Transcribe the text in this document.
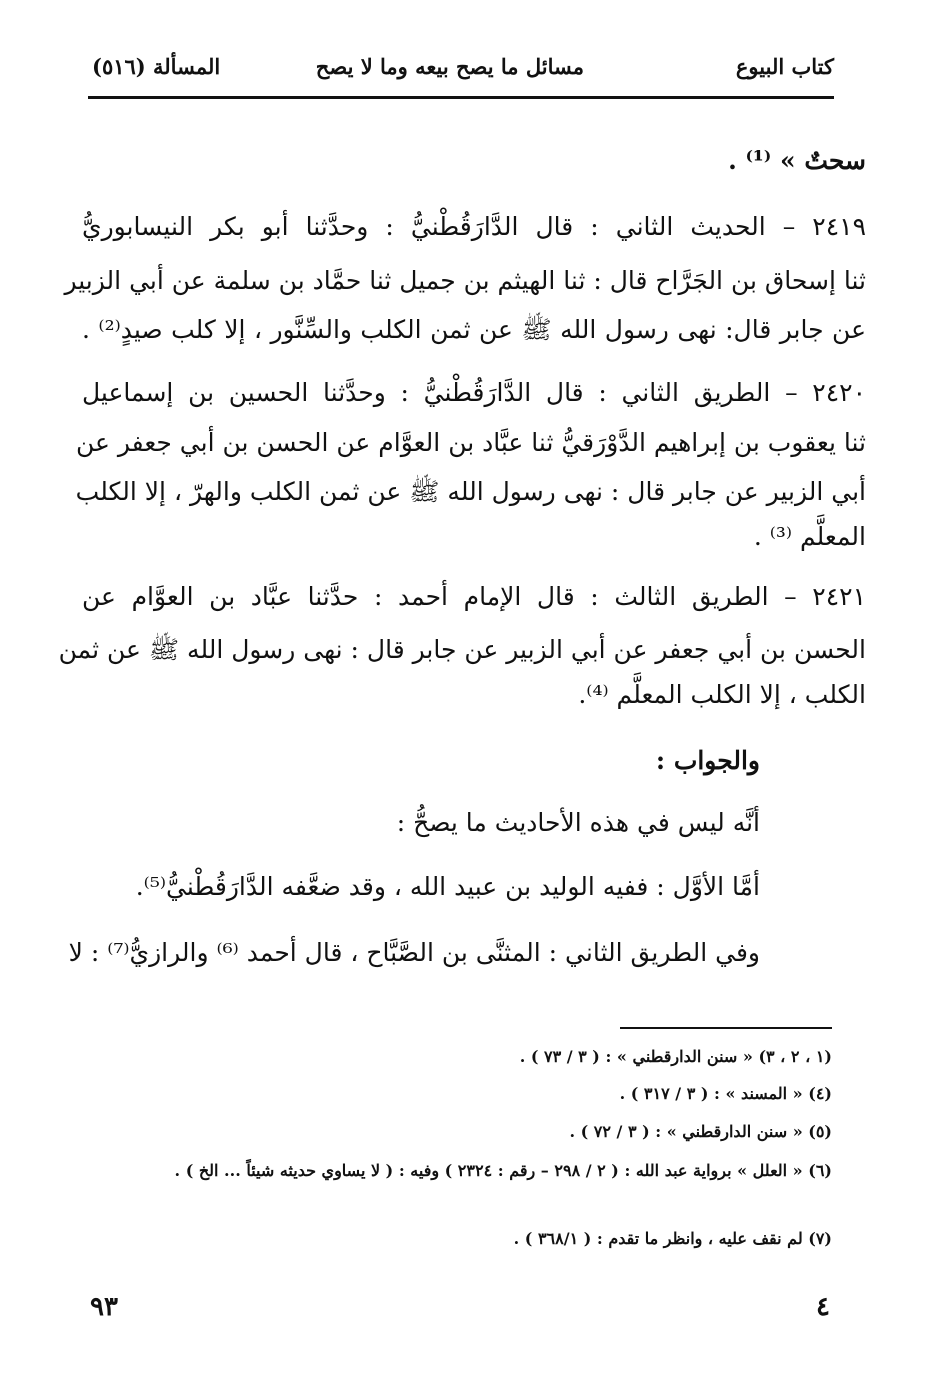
كتاب البيوع
مسائل ما يصح بيعه وما لا يصح
المسألة (٥١٦)
سحتٌ » ⁽¹⁾ .
٢٤١٩ – الحديث الثاني : قال الدَّارَقُطْنيُّ : وحدَّثنا أبو بكر النيسابوريُّ
ثنا إسحاق بن الجَرَّاح قال : ثنا الهيثم بن جميل ثنا حمَّاد بن سلمة عن أبي الزبير
عن جابر قال: نهى رسول الله ﷺ عن ثمن الكلب والسِّنَّور ، إلا كلب صيدٍ⁽²⁾ .
٢٤٢٠ – الطريق الثاني : قال الدَّارَقُطْنيُّ : وحدَّثنا الحسين بن إسماعيل
ثنا يعقوب بن إبراهيم الدَّوْرَقيُّ ثنا عبَّاد بن العوَّام عن الحسن بن أبي جعفر عن
أبي الزبير عن جابر قال : نهى رسول الله ﷺ عن ثمن الكلب والهرّ ، إلا الكلب
المعلَّم ⁽³⁾ .
٢٤٢١ – الطريق الثالث : قال الإمام أحمد : حدَّثنا عبَّاد بن العوَّام عن
الحسن بن أبي جعفر عن أبي الزبير عن جابر قال : نهى رسول الله ﷺ عن ثمن
الكلب ، إلا الكلب المعلَّم ⁽⁴⁾.
والجواب :
أنَّه ليس في هذه الأحاديث ما يصحُّ :
أمَّا الأوَّل : ففيه الوليد بن عبيد الله ، وقد ضعَّفه الدَّارَقُطْنيُّ⁽⁵⁾.
وفي الطريق الثاني : المثنَّى بن الصَّبَّاح ، قال أحمد ⁽⁶⁾ والرازيُّ⁽⁷⁾ : لا
(١ ، ٢ ، ٣) « سنن الدارقطني » : ( ٣ / ٧٣ ) .
(٤) « المسند » : ( ٣ / ٣١٧ ) .
(٥) « سنن الدارقطني » : ( ٣ / ٧٢ ) .
(٦) « العلل » برواية عبد الله : ( ٢ / ٢٩٨ – رقم : ٢٣٢٤ ) وفيه : ( لا يساوي حديثه شيئاً ... الخ ) .
(٧) لم نقف عليه ، وانظر ما تقدم : ( ٣٦٨/١ ) .
٤
٩٣
